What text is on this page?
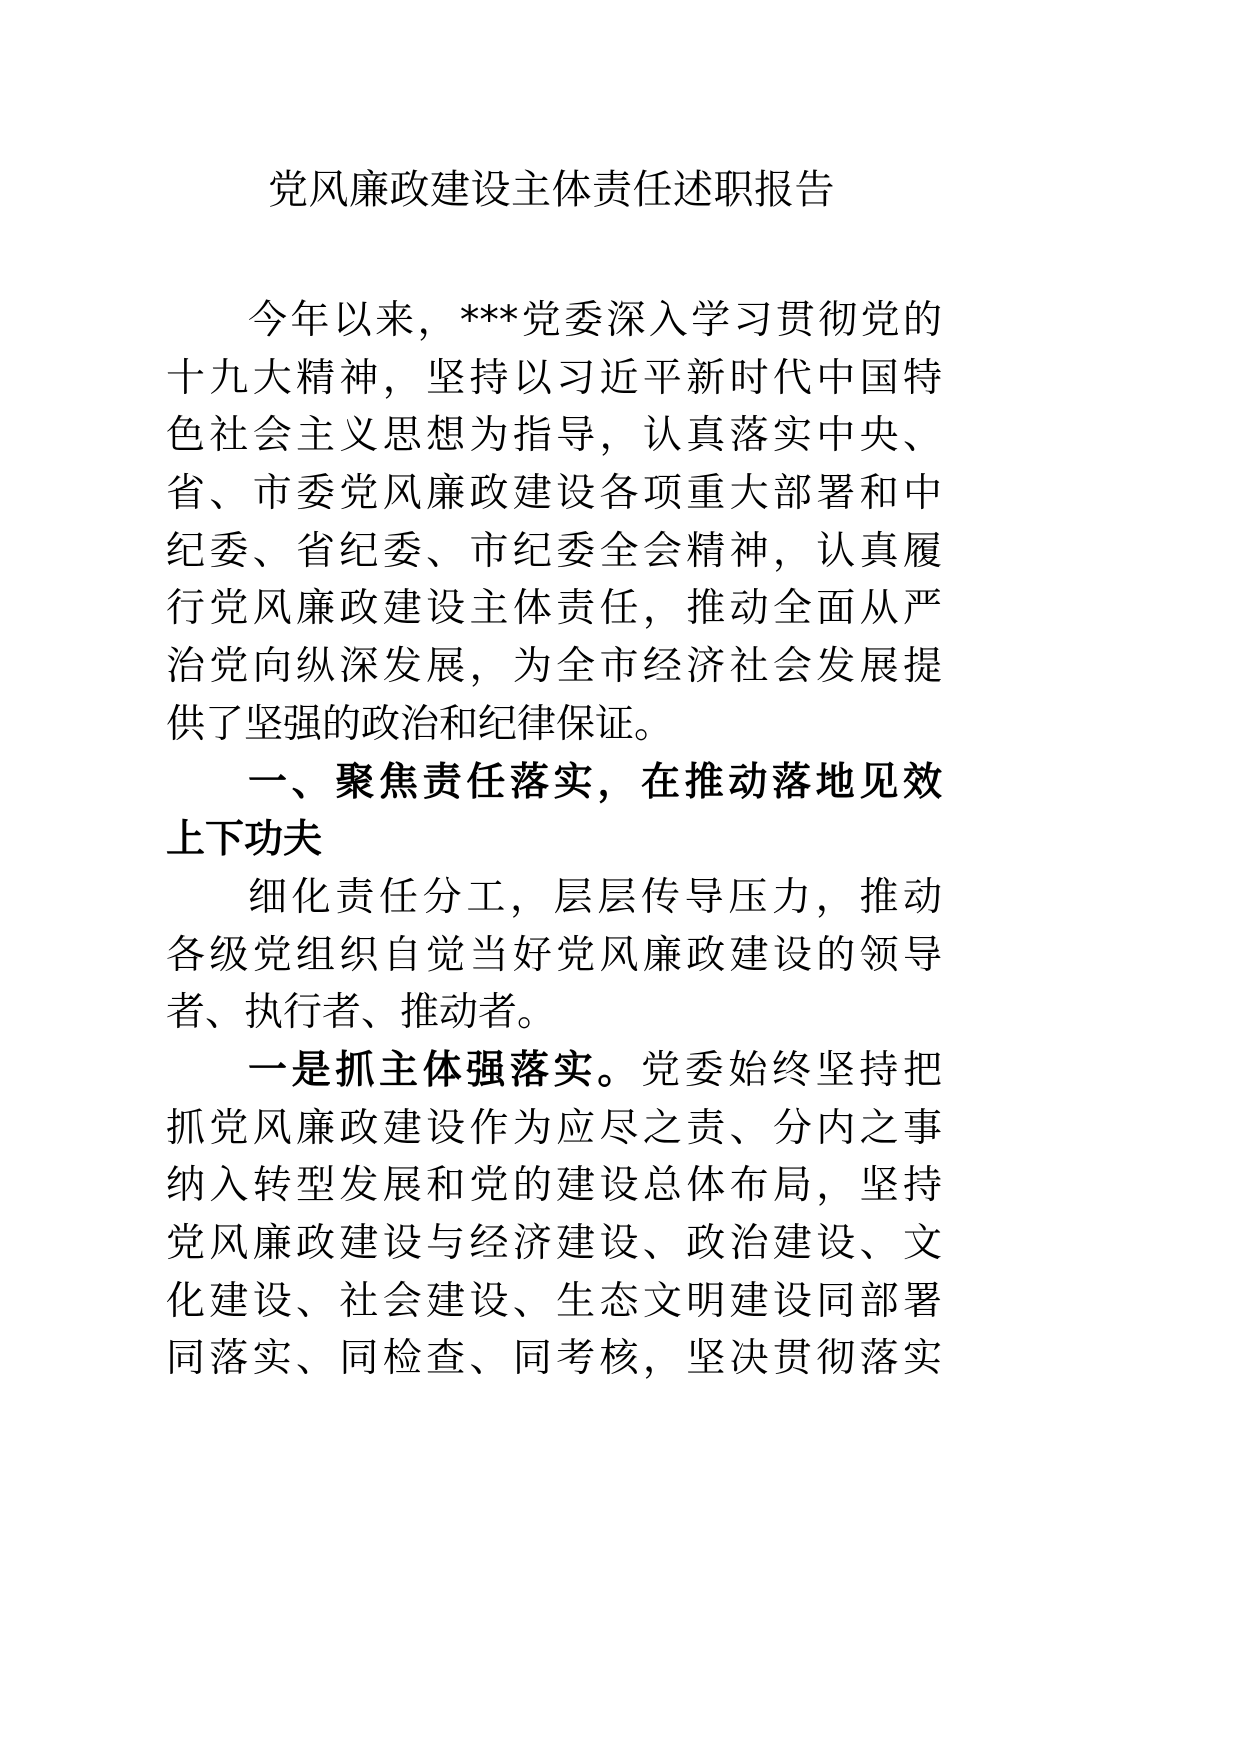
党风廉政建设主体责任述职报告
今年以来，***党委深入学习贯彻党的
十九大精神，坚持以习近平新时代中国特
色社会主义思想为指导，认真落实中央、
省、市委党风廉政建设各项重大部署和中
纪委、省纪委、市纪委全会精神，认真履
行党风廉政建设主体责任，推动全面从严
治党向纵深发展，为全市经济社会发展提
供了坚强的政治和纪律保证。
一、聚焦责任落实，在推动落地见效
上下功夫
细化责任分工，层层传导压力，推动
各级党组织自觉当好党风廉政建设的领导
者、执行者、推动者。
一是抓主体强落实。党委始终坚持把
抓党风廉政建设作为应尽之责、分内之事
纳入转型发展和党的建设总体布局，坚持
党风廉政建设与经济建设、政治建设、文
化建设、社会建设、生态文明建设同部署
同落实、同检查、同考核，坚决贯彻落实
